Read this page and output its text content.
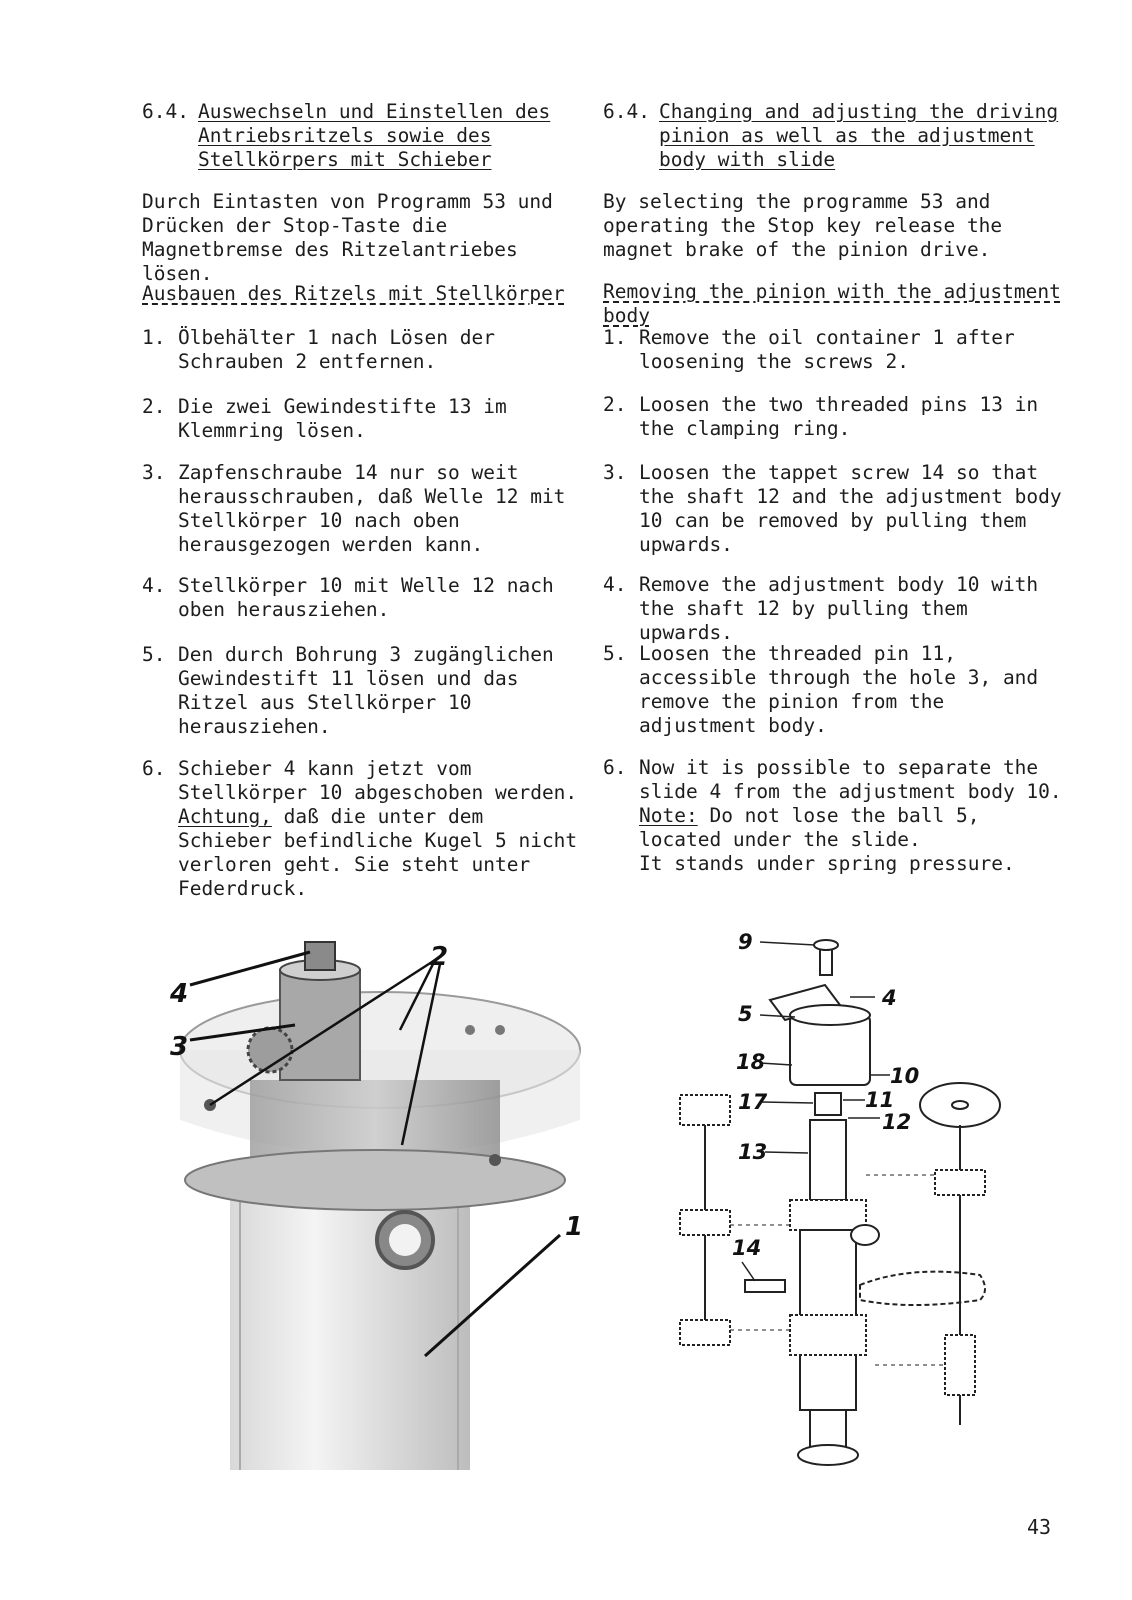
6.4. Auswechseln und Einstellen des Antriebsritzels sowie des Stellkörpers mit Schieber

Durch Eintasten von Programm 53 und Drücken der Stop-Taste die Magnetbremse des Ritzelantriebes lösen.

Ausbauen des Ritzels mit Stellkörper

1. Ölbehälter 1 nach Lösen der Schrauben 2 entfernen.
2. Die zwei Gewindestifte 13 im Klemmring lösen.
3. Zapfenschraube 14 nur so weit herausschrauben, daß Welle 12 mit Stellkörper 10 nach oben herausgezogen werden kann.
4. Stellkörper 10 mit Welle 12 nach oben herausziehen.
5. Den durch Bohrung 3 zugänglichen Gewindestift 11 lösen und das Ritzel aus Stellkörper 10 herausziehen.
6. Schieber 4 kann jetzt vom Stellkörper 10 abgeschoben werden. Achtung, daß die unter dem Schieber befindliche Kugel 5 nicht verloren geht. Sie steht unter Federdruck.
6.4. Changing and adjusting the driving pinion as well as the adjustment body with slide

By selecting the programme 53 and operating the Stop key release the magnet brake of the pinion drive.

Removing the pinion with the adjustment body

1. Remove the oil container 1 after loosening the screws 2.
2. Loosen the two threaded pins 13 in the clamping ring.
3. Loosen the tappet screw 14 so that the shaft 12 and the adjustment body 10 can be removed by pulling them upwards.
4. Remove the adjustment body 10 with the shaft 12 by pulling them upwards.
5. Loosen the threaded pin 11, accessible through the hole 3, and remove the pinion from the adjustment body.
6. Now it is possible to separate the slide 4 from the adjustment body 10. Note: Do not lose the ball 5, located under the slide.
It stands under spring pressure.
4
3
2
1
9
4
5
18
10
17	11
12
13
14
43
